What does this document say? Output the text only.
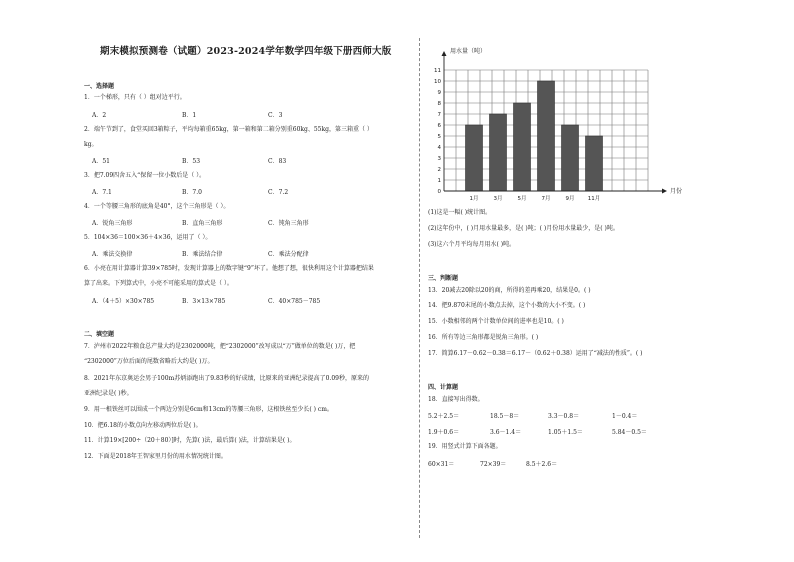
期末模拟预测卷（试题）2023-2024学年数学四年级下册西师大版
一、选择题
1．一个梯形，只有（ ）组对边平行。
A．2	B．1	C．3
2．端午节到了，食堂买回3箱粽子，平均每箱重65kg，第一箱和第二箱分别重60kg、55kg，第三箱重（ ）
kg。
A．51	B．53	C．83
3．把7.09四舍五入“保留一位小数后是（ ）。
A．7.1	B．7.0	C．7.2
4．一个等腰三角形的底角是40°，这个三角形是（ ）。
A．锐角三角形	B．直角三角形	C．钝角三角形
5．104×36＝100×36＋4×36，运用了（ ）。
A．乘法交换律	B．乘法结合律	C．乘法分配律
6．小亮在用计算器计算39×785时，发现计算器上的数字键“9”坏了。他想了想，很快利用这个计算器把结果
算了出来。下列算式中，小亮不可能采用的算式是（ ）。
A．（4＋5）×30×785	B．3×13×785	C．40×785－785
二、填空题
7．泸州市2022年粮食总产量大约是2302000吨，把“2302000”改写成以“万”做单位的数是( )万，把
“2302000”万位后面的尾数省略后大约是( )万。
8．2021年东京奥运会男子100m苏炳添跑出了9.83秒的好成绩，比原来的亚洲纪录提高了0.09秒，原来的
亚洲纪录是( )秒。
9．用一根铁丝可以围成一个两边分别是6cm和13cm的等腰三角形，这根铁丝至少长( ) cm。
10．把6.18的小数点向左移动两位后是( )。
11．计算19×[200÷（20＋80）]时，先算( )法，最后算( )法，计算结果是( )。
12．下面是2018年王智家里月份的用水情况统计图。
1月	3月	5月	7月	9月 11月
0
1
2
3
4
5
6
7
8
9
10
11
用水量（吨）
月份
(1)这是一幅( )统计图。
(2)这年份中，( )月用水量最多，是( )吨；( )月份用水量最少，是( )吨。
(3)这六个月平均每月用水( )吨。
三、判断题
13．20减去20除以20的商，所得的差再乘20，结果是0。( )
14．把9.870末尾的小数点去掉，这个小数的大小不变。( )
15．小数相邻的两个计数单位间的进率也是10。( )
16．所有等边三角形都是锐角三角形。( )
17．简算6.17－0.62－0.38＝6.17－（0.62＋0.38）运用了“减法的性质”。( )
四、计算题
18．直接写出得数。
5.2＋2.5＝	18.5－8＝	3.3－0.8＝	1－0.4＝
1.9＋0.6＝	3.6－1.4＝	1.05＋1.5＝	5.84－0.5＝
19．用竖式计算下面各题。
60×31＝	72×39＝	8.5＋2.6＝
